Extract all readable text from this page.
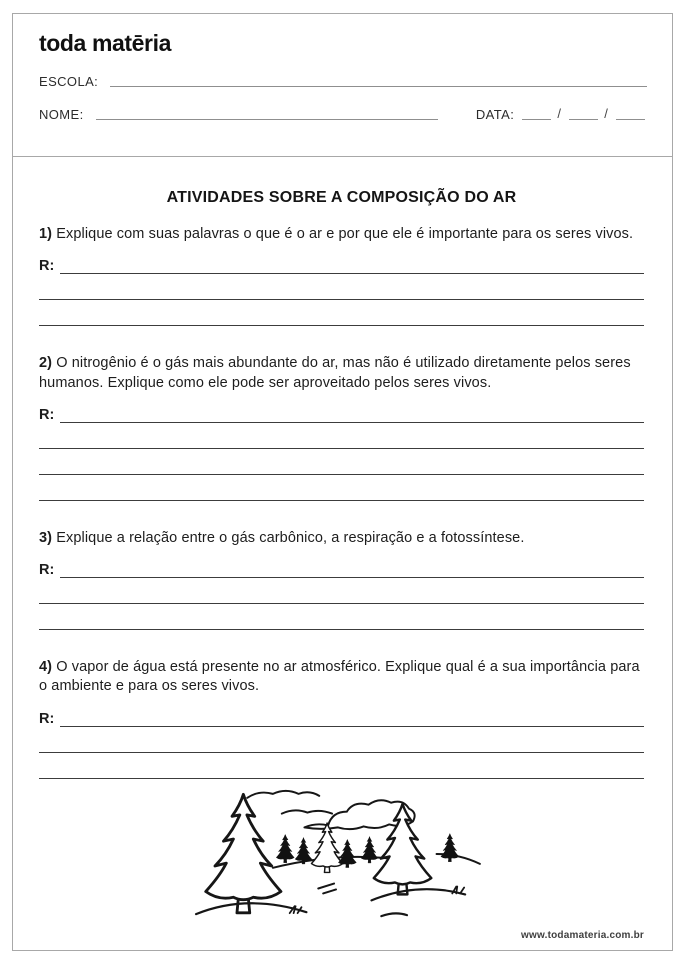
toda matēria
ESCOLA:
NOME:	DATA:	/	/
ATIVIDADES SOBRE A COMPOSIÇÃO DO AR

1) Explique com suas palavras o que é o ar e por que ele é importante para os seres vivos.

R:

2) O nitrogênio é o gás mais abundante do ar, mas não é utilizado diretamente pelos seres humanos. Explique como ele pode ser aproveitado pelos seres vivos.

R:

3) Explique a relação entre o gás carbônico, a respiração e a fotossíntese.

R:

4) O vapor de água está presente no ar atmosférico. Explique qual é a sua importância para o ambiente e para os seres vivos.

R:
www.todamateria.com.br
